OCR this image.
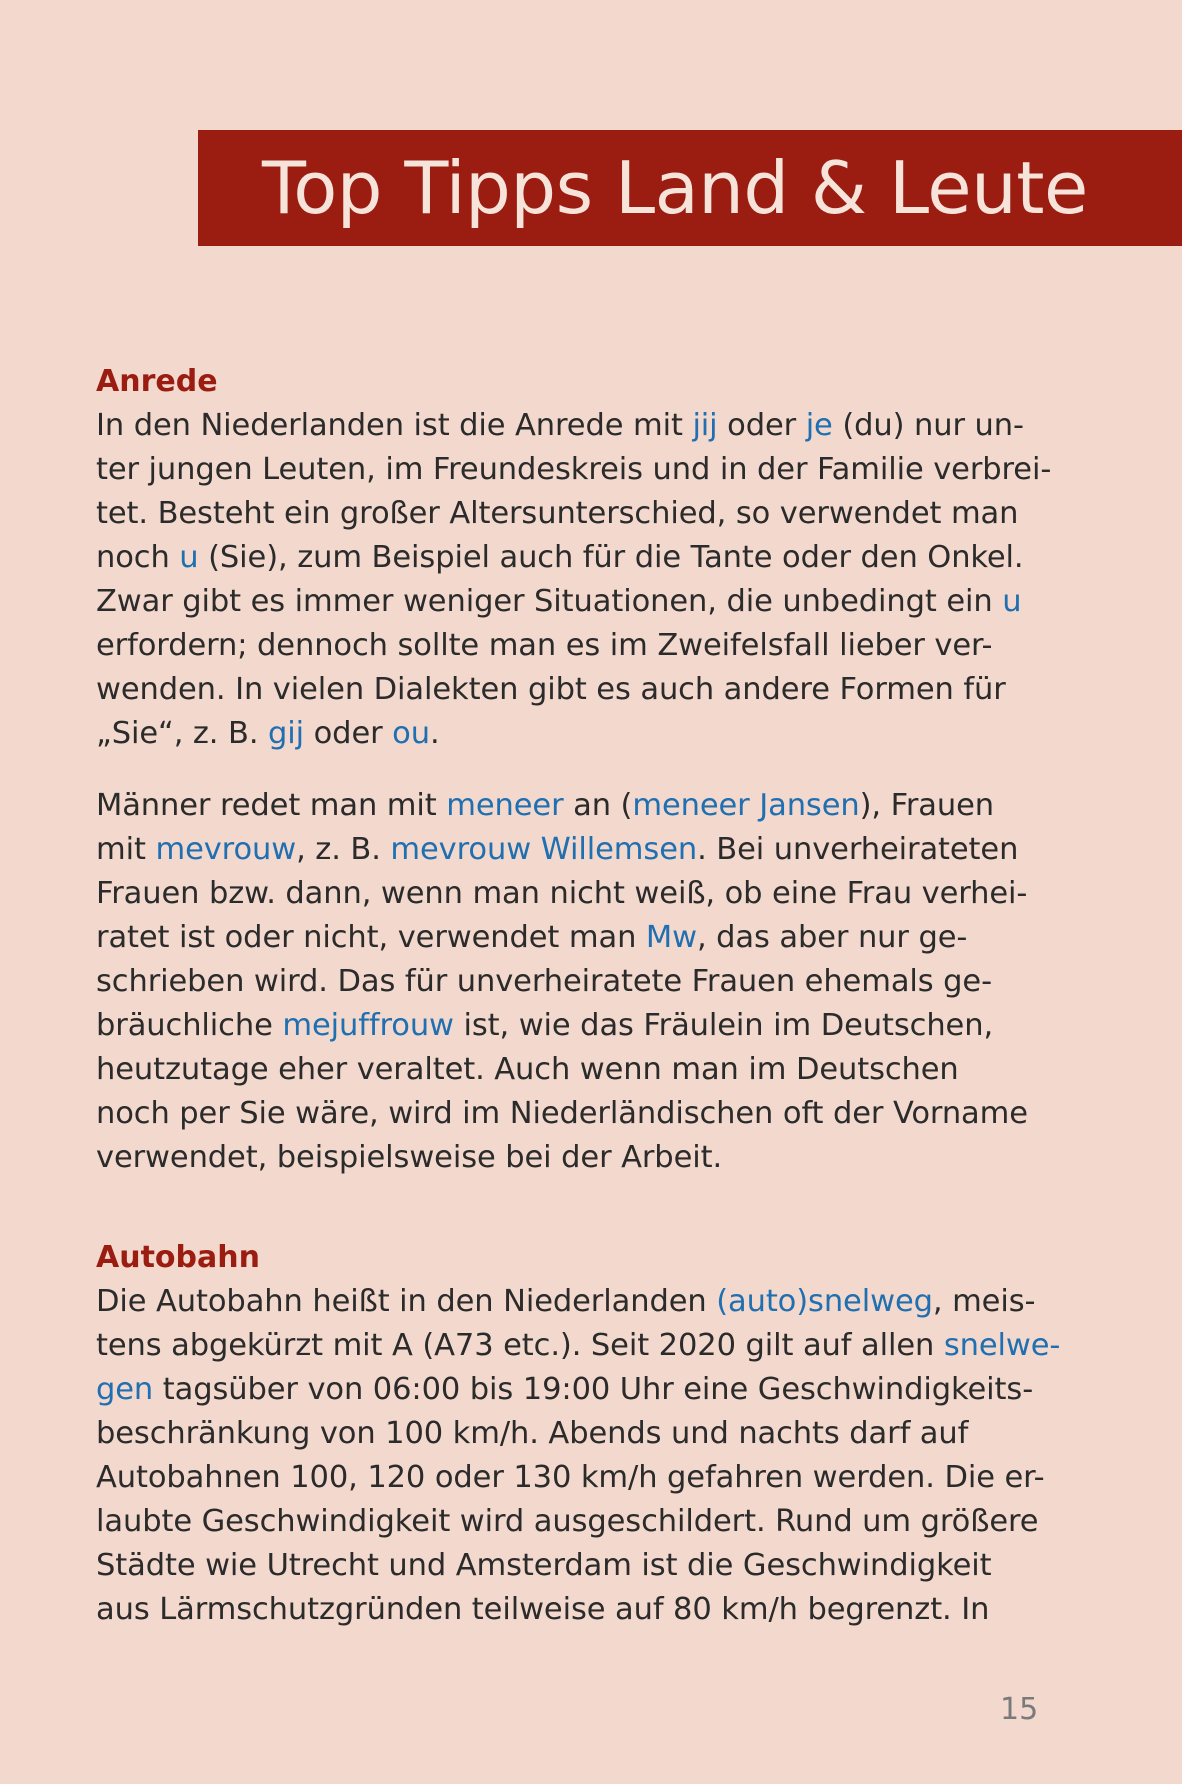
Top Tipps Land & Leute
Anrede

In den Niederlanden ist die Anrede mit jij oder je (du) nur un-
ter jungen Leuten, im Freundeskreis und in der Familie verbrei-
tet. Besteht ein großer Altersunterschied, so verwendet man
noch u (Sie), zum Beispiel auch für die Tante oder den Onkel.
Zwar gibt es immer weniger Situationen, die unbedingt ein u
erfordern; dennoch sollte man es im Zweifelsfall lieber ver-
wenden. In vielen Dialekten gibt es auch andere Formen für
„Sie“, z. B. gij oder ou.

Männer redet man mit meneer an (meneer Jansen), Frauen
mit mevrouw, z. B. mevrouw Willemsen. Bei unverheirateten
Frauen bzw. dann, wenn man nicht weiß, ob eine Frau verhei-
ratet ist oder nicht, verwendet man Mw, das aber nur ge-
schrieben wird. Das für unverheiratete Frauen ehemals ge-
bräuchliche mejuffrouw ist, wie das Fräulein im Deutschen,
heutzutage eher veraltet. Auch wenn man im Deutschen
noch per Sie wäre, wird im Niederländischen oft der Vorname
verwendet, beispielsweise bei der Arbeit.

Autobahn

Die Autobahn heißt in den Niederlanden (auto)snelweg, meis-
tens abgekürzt mit A (A73 etc.). Seit 2020 gilt auf allen snelwe-
gen tagsüber von 06:00 bis 19:00 Uhr eine Geschwindigkeits-
beschränkung von 100 km/h. Abends und nachts darf auf
Autobahnen 100, 120 oder 130 km/h gefahren werden. Die er-
laubte Geschwindigkeit wird ausgeschildert. Rund um größere
Städte wie Utrecht und Amsterdam ist die Geschwindigkeit
aus Lärmschutzgründen teilweise auf 80 km/h begrenzt. In

15
